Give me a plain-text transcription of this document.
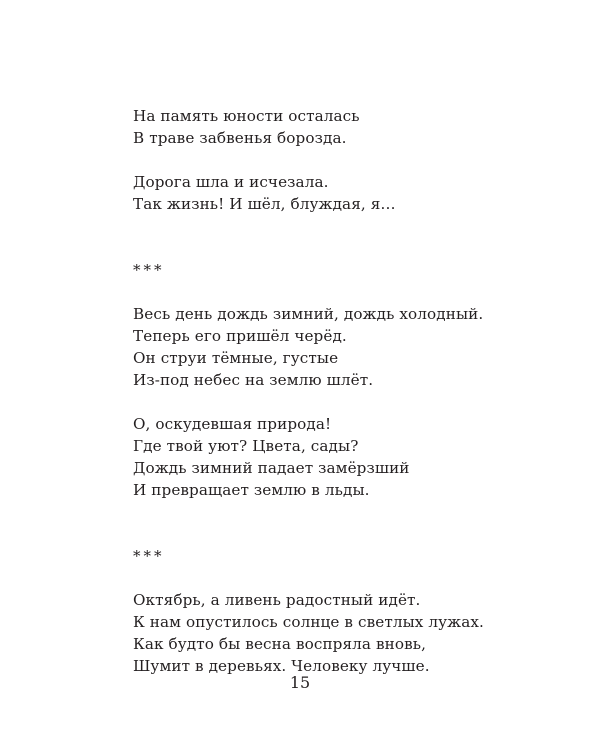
На память юности осталась
В траве забвенья борозда.
Дорога шла и исчезала.
Так жизнь! И шёл, блуждая, я…
***
Весь день дождь зимний, дождь холодный.
Теперь его пришёл черёд.
Он струи тёмные, густые
Из-под небес на землю шлёт.
О, оскудевшая природа!
Где твой уют? Цвета, сады?
Дождь зимний падает замёрзший
И превращает землю в льды.
***
Октябрь, а ливень радостный идёт.
К нам опустилось солнце в светлых лужах.
Как будто бы весна воспряла вновь,
Шумит в деревьях. Человеку лучше.
15
